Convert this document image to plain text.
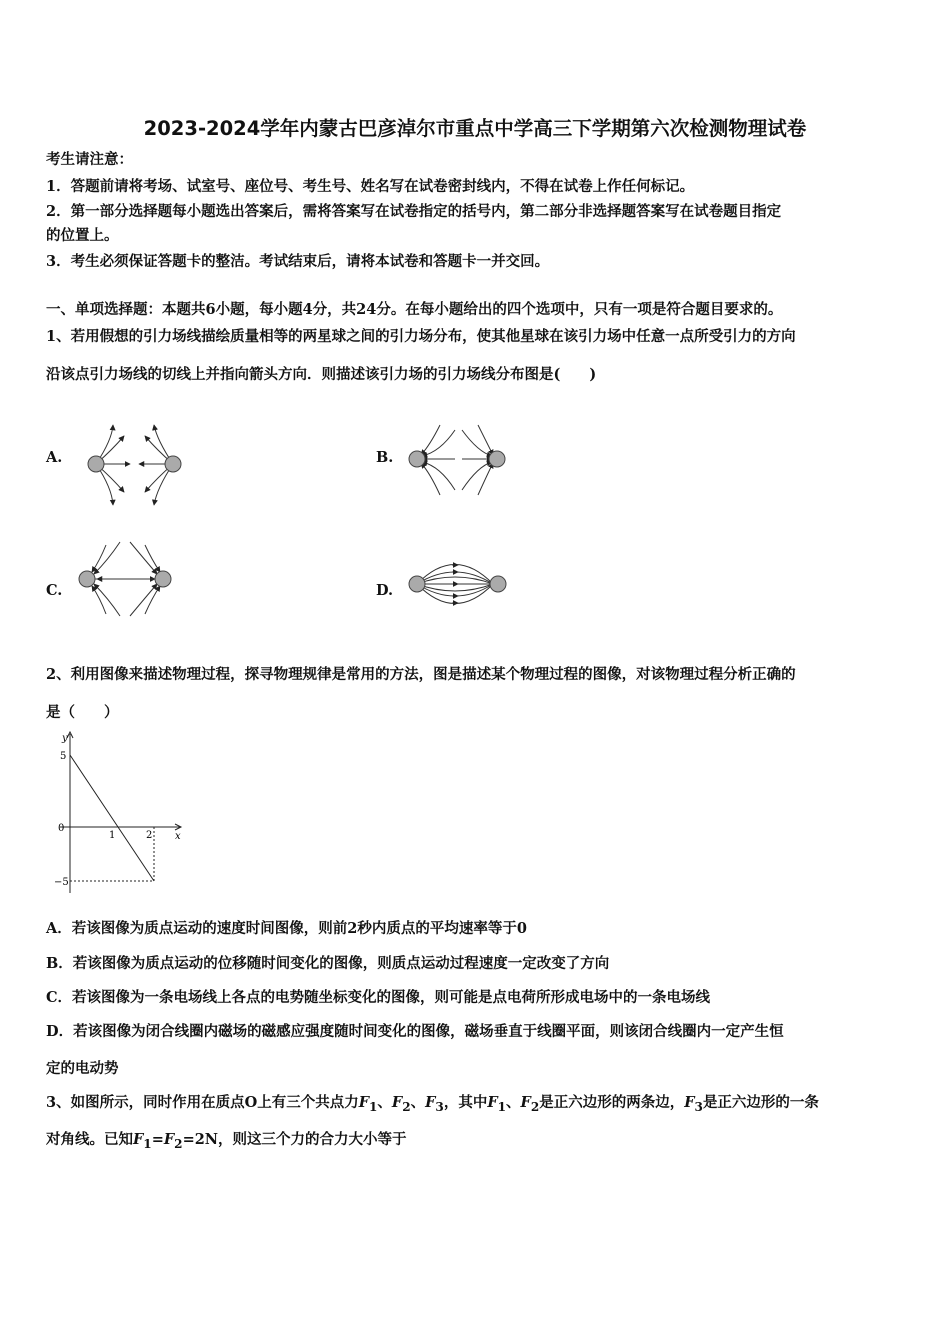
2023-2024学年内蒙古巴彦淖尔市重点中学高三下学期第六次检测物理试卷
考生请注意：
1．答题前请将考场、试室号、座位号、考生号、姓名写在试卷密封线内，不得在试卷上作任何标记。
2．第一部分选择题每小题选出答案后，需将答案写在试卷指定的括号内，第二部分非选择题答案写在试卷题目指定
的位置上。
3．考生必须保证答题卡的整洁。考试结束后，请将本试卷和答题卡一并交回。
一、单项选择题：本题共6小题，每小题4分，共24分。在每小题给出的四个选项中，只有一项是符合题目要求的。
1、若用假想的引力场线描绘质量相等的两星球之间的引力场分布，使其他星球在该引力场中任意一点所受引力的方向
沿该点引力场线的切线上并指向箭头方向．则描述该引力场的引力场线分布图是(　　)
A.	B.
C.	D.
2、利用图像来描述物理过程，探寻物理规律是常用的方法，图是描述某个物理过程的图像，对该物理过程分析正确的
是（　　）
y
x
0
5
−5
1	2
A．若该图像为质点运动的速度时间图像，则前2秒内质点的平均速率等于0
B．若该图像为质点运动的位移随时间变化的图像，则质点运动过程速度一定改变了方向
C．若该图像为一条电场线上各点的电势随坐标变化的图像，则可能是点电荷所形成电场中的一条电场线
D．若该图像为闭合线圈内磁场的磁感应强度随时间变化的图像，磁场垂直于线圈平面，则该闭合线圈内一定产生恒
定的电动势
3、如图所示，同时作用在质点O上有三个共点力$F_1$、$F_2$、$F_3$，其中$F_1$、$F_2$是正六边形的两条边，$F_3$是正六边形的一条
对角线。已知$F_1=F_2=2N$，则这三个力的合力大小等于
